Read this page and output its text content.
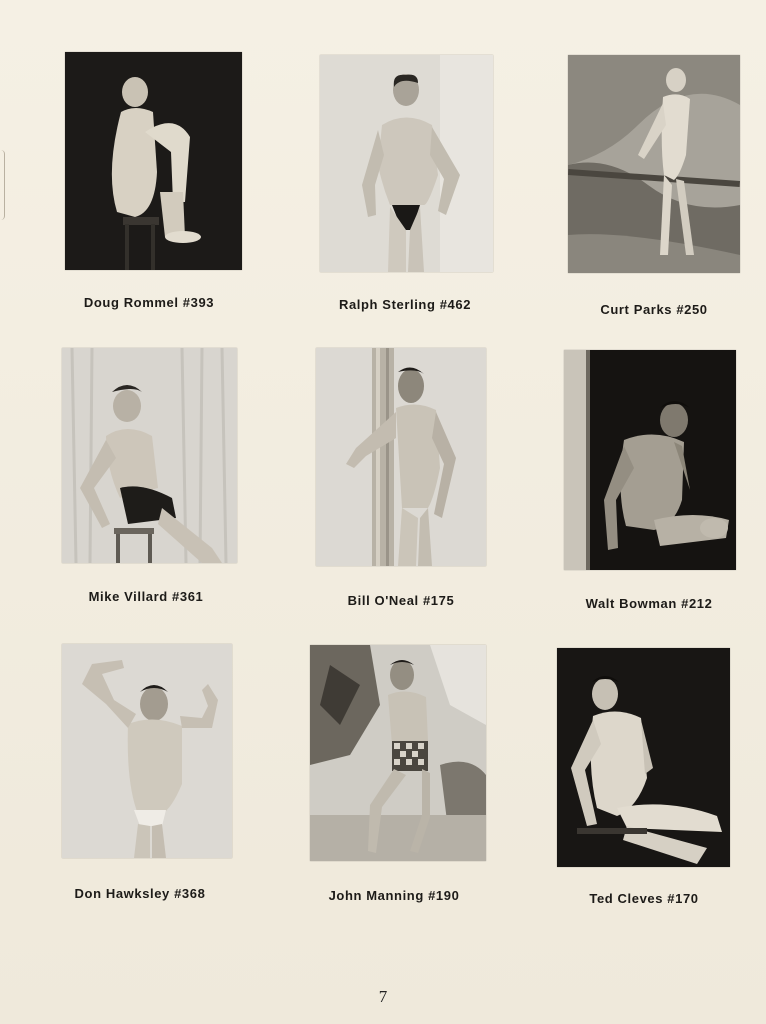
Doug Rommel #393	Ralph Sterling #462	Curt Parks #250
Mike Villard #361	Bill O'Neal #175	Walt Bowman #212
Don Hawksley #368	John Manning #190	Ted Cleves #170
7
